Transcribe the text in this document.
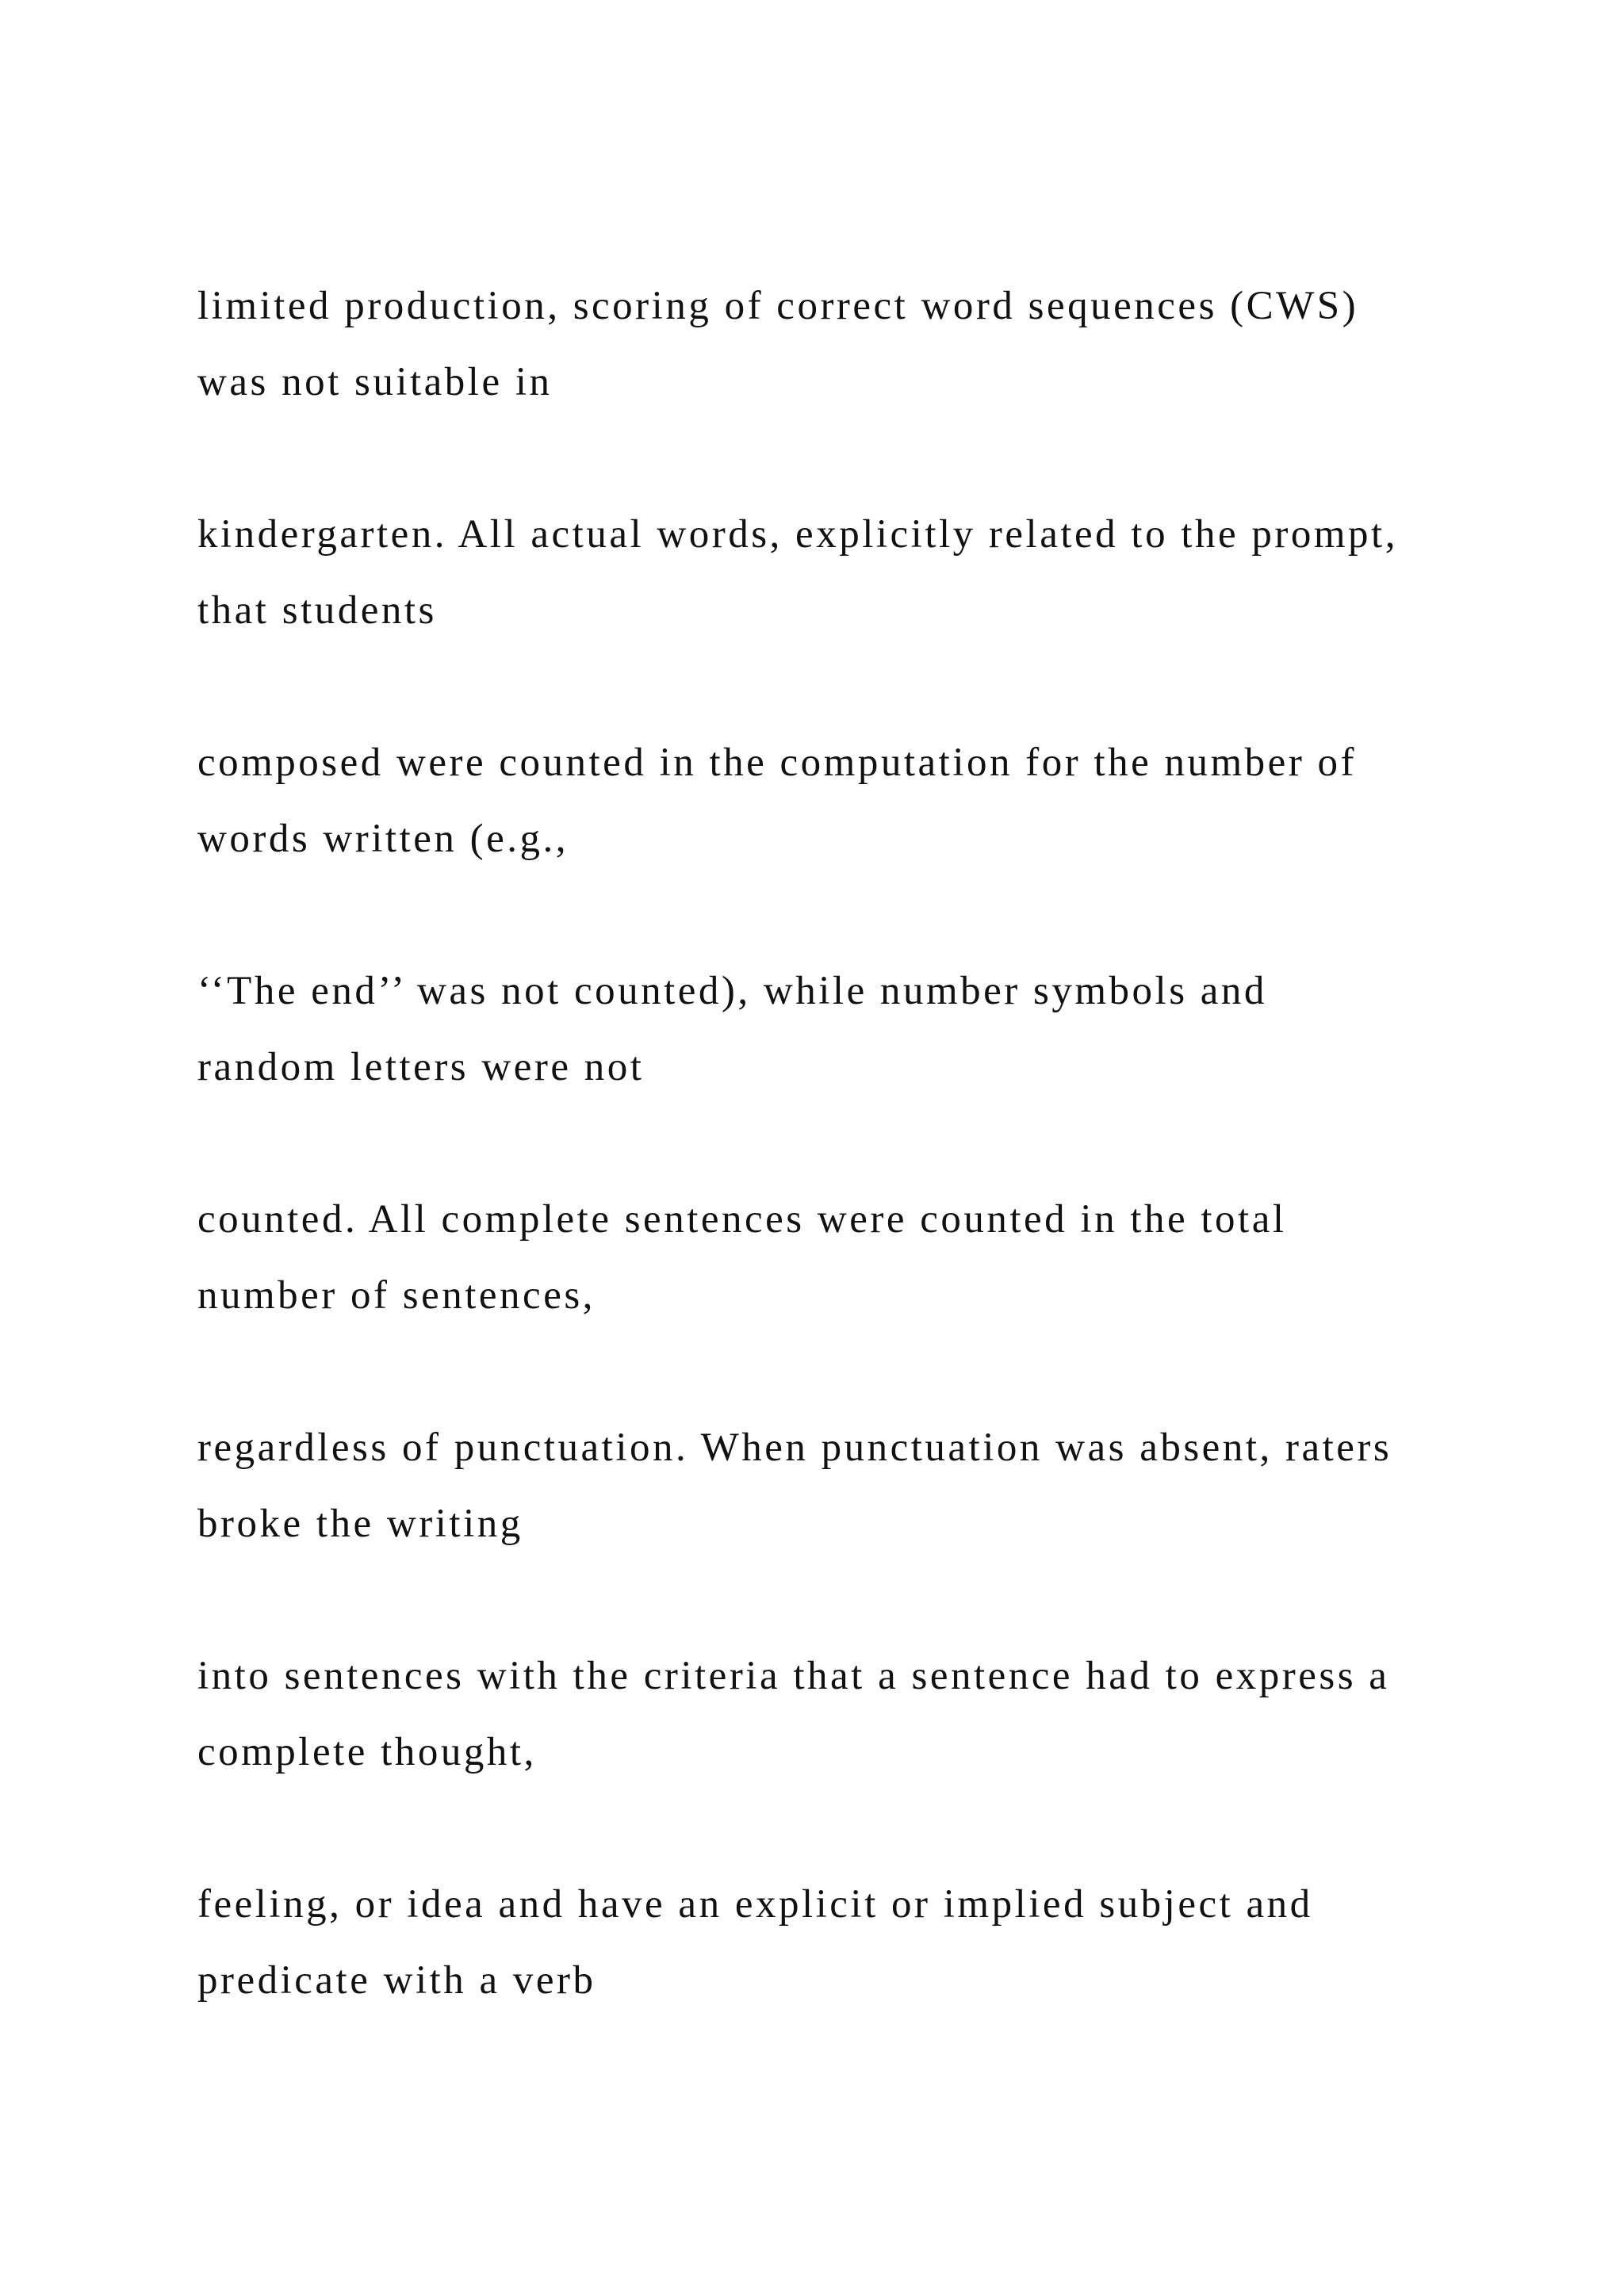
limited production, scoring of correct word sequences (CWS)
was not suitable in

kindergarten. All actual words, explicitly related to the prompt,
that students

composed were counted in the computation for the number of
words written (e.g.,

‘‘The end’’ was not counted), while number symbols and
random letters were not

counted. All complete sentences were counted in the total
number of sentences,

regardless of punctuation. When punctuation was absent, raters
broke the writing

into sentences with the criteria that a sentence had to express a
complete thought,

feeling, or idea and have an explicit or implied subject and
predicate with a verb
